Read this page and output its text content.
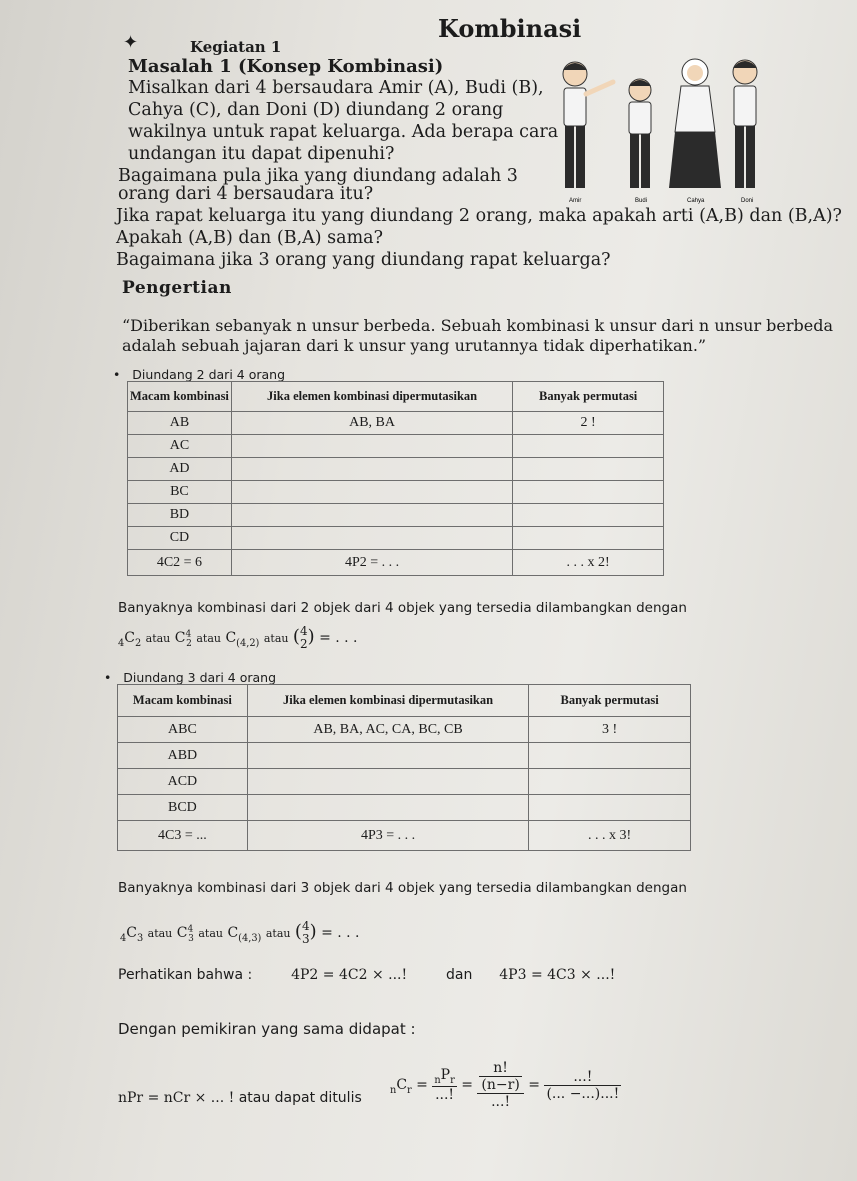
Kombinasi
✦	Kegiatan 1
Masalah 1 (Konsep Kombinasi)
Misalkan dari 4 bersaudara Amir (A), Budi (B),
Cahya (C), dan Doni (D) diundang 2 orang
wakilnya untuk rapat keluarga. Ada berapa cara
undangan itu dapat dipenuhi?
Bagaimana pula jika yang diundang adalah 3
orang dari 4 bersaudara itu?
Jika rapat keluarga itu yang diundang 2 orang, maka apakah arti (A,B) dan (B,A)?
Apakah (A,B) dan (B,A) sama?
Bagaimana jika 3 orang yang diundang rapat keluarga?
Amir	Budi	Cahya	Doni
Pengertian
“Diberikan sebanyak n unsur berbeda. Sebuah kombinasi k unsur dari n unsur berbeda
adalah sebuah jajaran dari k unsur yang urutannya tidak diperhatikan.”
•   Diundang 2 dari 4 orang
Macam kombinasi	Jika elemen kombinasi dipermutasikan	Banyak permutasi
AB	AB, BA	2 !
AC		
AD		
BC		
BD		
CD		
4C2 = 6	4P2 = . . .	. . . x 2!
Banyaknya kombinasi dari 2 objek dari 4 objek yang tersedia dilambangkan dengan
$_4C_2$ atau $C^4_2$ atau $C_{(4,2)}$ atau (4
2) = . . .
•   Diundang 3 dari 4 orang
Macam kombinasi	Jika elemen kombinasi dipermutasikan	Banyak permutasi
ABC	AB, BA, AC, CA, BC, CB	3 !
ABD		
ACD		
BCD		
4C3 = ...	4P3 = . . .	. . . x 3!
Banyaknya kombinasi dari 3 objek dari 4 objek yang tersedia dilambangkan dengan
$_4C_3$ atau $C^4_3$ atau $C_{(4,3)}$ atau (4
3) = . . .
Perhatikan bahwa :	4P2 = 4C2 × ...!	dan 4P3 = 4C3 × ...!
Dengan pemikiran yang sama didapat :
nPr = nCr × ... ! atau dapat ditulis	$_nC_r = \frac{_nP_r}{...!} = \frac{\frac{n!}{(n-r)}}{...!} = \frac{...!}{(... -...)...!}$
